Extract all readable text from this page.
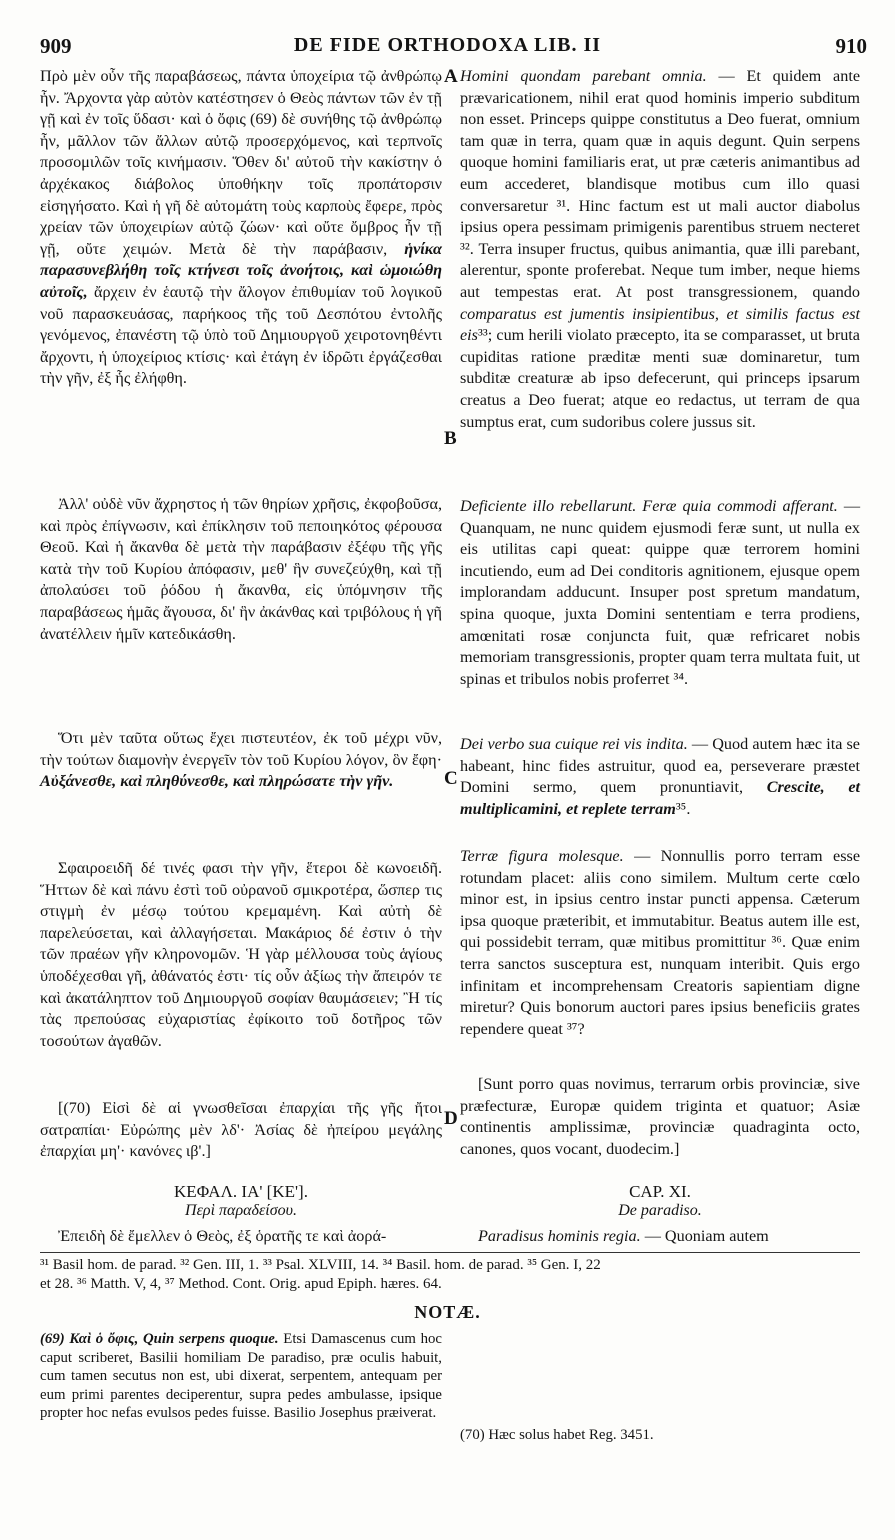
909	DE FIDE ORTHODOXA LIB. II	910

Πρὸ μὲν οὖν τῆς παραβάσεως, πάντα ὑποχείρια τῷ ἀνθρώπῳ ἦν. Ἄρχοντα γὰρ αὐτὸν κατέστησεν ὁ Θεὸς πάντων τῶν ἐν τῇ γῇ καὶ ἐν τοῖς ὕδασι· καὶ ὁ ὄφις (69) δὲ συνήθης τῷ ἀνθρώπῳ ἦν, μᾶλλον τῶν ἄλλων αὐτῷ προσερχόμενος, καὶ τερπνοῖς προσομιλῶν τοῖς κινήμασιν. Ὅθεν δι' αὐτοῦ τὴν κακίστην ὁ ἀρχέκακος διάβολος ὑποθήκην τοῖς προπάτορσιν εἰσηγήσατο. Καὶ ἡ γῆ δὲ αὐτομάτη τοὺς καρποὺς ἔφερε, πρὸς χρείαν τῶν ὑποχειρίων αὐτῷ ζώων· καὶ οὔτε ὄμβρος ἦν τῇ γῇ, οὔτε χειμών. Μετὰ δὲ τὴν παράβασιν, ἡνίκα παρασυνεβλήθη τοῖς κτήνεσι τοῖς ἀνοήτοις, καὶ ὡμοιώθη αὐτοῖς, ἄρχειν ἐν ἑαυτῷ τὴν ἄλογον ἐπιθυμίαν τοῦ λογικοῦ νοῦ παρασκευάσας, παρήκοος τῆς τοῦ Δεσπότου ἐντολῆς γενόμενος, ἐπανέστη τῷ ὑπὸ τοῦ Δημιουργοῦ χειροτονηθέντι ἄρχοντι, ἡ ὑποχείριος κτίσις· καὶ ἐτάγη ἐν ἱδρῶτι ἐργάζεσθαι τὴν γῆν, ἐξ ἧς ἐλήφθη.

Homini quondam parebant omnia. — Et quidem ante prævaricationem, nihil erat quod hominis imperio subditum non esset. Princeps quippe constitutus a Deo fuerat, omnium tam quæ in terra, quam quæ in aquis degunt. Quin serpens quoque homini familiaris erat, ut præ cæteris animantibus ad eum accederet, blandisque motibus cum illo quasi conversaretur ³¹. Hinc factum est ut mali auctor diabolus ipsius opera pessimam primigenis parentibus struem necteret ³². Terra insuper fructus, quibus animantia, quæ illi parebant, alerentur, sponte proferebat. Neque tum imber, neque hiems aut tempestas erat. At post transgressionem, quando comparatus est jumentis insipientibus, et similis factus est eis³³; cum herili violato præcepto, ita se comparasset, ut bruta cupiditas ratione præditæ menti suæ dominaretur, tum subditæ creaturæ ab ipso defecerunt, qui princeps ipsarum creatus a Deo fuerat; atque eo redactus, ut terram de qua sumptus erat, cum sudoribus colere jussus sit.

Ἀλλ' οὐδὲ νῦν ἄχρηστος ἡ τῶν θηρίων χρῆσις, ἐκφοβοῦσα, καὶ πρὸς ἐπίγνωσιν, καὶ ἐπίκλησιν τοῦ πεποιηκότος φέρουσα Θεοῦ. Καὶ ἡ ἄκανθα δὲ μετὰ τὴν παράβασιν ἐξέφυ τῆς γῆς κατὰ τὴν τοῦ Κυρίου ἀπόφασιν, μεθ' ἣν συνεζεύχθη, καὶ τῇ ἀπολαύσει τοῦ ῥόδου ἡ ἄκανθα, εἰς ὑπόμνησιν τῆς παραβάσεως ἡμᾶς ἄγουσα, δι' ἣν ἀκάνθας καὶ τριβόλους ἡ γῆ ἀνατέλλειν ἡμῖν κατεδικάσθη.

Deficiente illo rebellarunt. Feræ quia commodi afferant. — Quanquam, ne nunc quidem ejusmodi feræ sunt, ut nulla ex eis utilitas capi queat: quippe quæ terrorem homini incutiendo, eum ad Dei conditoris agnitionem, ejusque opem implorandam adducunt. Insuper post spretum mandatum, spina quoque, juxta Domini sententiam e terra prodiens, amœnitati rosæ conjuncta fuit, quæ refricaret nobis memoriam transgressionis, propter quam terra multata fuit, ut spinas et tribulos nobis proferret ³⁴.

Ὅτι μὲν ταῦτα οὕτως ἔχει πιστευτέον, ἐκ τοῦ μέχρι νῦν, τὴν τούτων διαμονὴν ἐνεργεῖν τὸν τοῦ Κυρίου λόγον, ὃν ἔφη· Αὐξάνεσθε, καὶ πληθύνεσθε, καὶ πληρώσατε τὴν γῆν.

Dei verbo sua cuique rei vis indita. — Quod autem hæc ita se habeant, hinc fides astruitur, quod ea, perseverare præstet Domini sermo, quem pronuntiavit, Crescite, et multiplicamini, et replete terram³⁵.

Σφαιροειδῆ δέ τινές φασι τὴν γῆν, ἕτεροι δὲ κωνοειδῆ. Ἥττων δὲ καὶ πάνυ ἐστὶ τοῦ οὐρανοῦ σμικροτέρα, ὥσπερ τις στιγμὴ ἐν μέσῳ τούτου κρεμαμένη. Καὶ αὐτὴ δὲ παρελεύσεται, καὶ ἀλλαγήσεται. Μακάριος δέ ἐστιν ὁ τὴν τῶν πραέων γῆν κληρονομῶν. Ἡ γὰρ μέλλουσα τοὺς ἁγίους ὑποδέχεσθαι γῆ, ἀθάνατός ἐστι· τίς οὖν ἀξίως τὴν ἄπειρόν τε καὶ ἀκατάληπτον τοῦ Δημιουργοῦ σοφίαν θαυμάσειεν; Ἢ τίς τὰς πρεπούσας εὐχαριστίας ἐφίκοιτο τοῦ δοτῆρος τῶν τοσούτων ἀγαθῶν.

Terræ figura molesque. — Nonnullis porro terram esse rotundam placet: aliis cono similem. Multum certe cœlo minor est, in ipsius centro instar puncti appensa. Cæterum ipsa quoque præteribit, et immutabitur. Beatus autem ille est, qui possidebit terram, quæ mitibus promittitur ³⁶. Quæ enim terra sanctos susceptura est, nunquam interibit. Quis ergo infinitam et incomprehensam Creatoris sapientiam digne miretur? Quis bonorum auctori pares ipsius beneficiis grates rependere queat ³⁷?

[(70) Εἰσὶ δὲ αἱ γνωσθεῖσαι ἐπαρχίαι τῆς γῆς ἤτοι σατραπίαι· Εὐρώπης μὲν λδ'· Ἀσίας δὲ ἠπείρου μεγάλης ἐπαρχίαι μη'· κανόνες ιβ'.]

[Sunt porro quas novimus, terrarum orbis provinciæ, sive præfecturæ, Europæ quidem triginta et quatuor; Asiæ continentis amplissimæ, provinciæ quadraginta octo, canones, quos vocant, duodecim.]

A
B
C
D
ΚΕΦΑΛ. ΙΑ' [ΚΕ'].
Περὶ παραδείσου.
CAP. XI.
De paradiso.

Ἐπειδὴ δὲ ἔμελλεν ὁ Θεὸς, ἐξ ὁρατῆς τε καὶ ἀορά-	Paradisus hominis regia. — Quoniam autem

³¹ Basil hom. de parad. ³² Gen. III, 1. ³³ Psal. XLVIII, 14. ³⁴ Basil. hom. de parad. ³⁵ Gen. I, 22
et 28. ³⁶ Matth. V, 4, ³⁷ Method. Cont. Orig. apud Epiph. hæres. 64.
NOTÆ.
(69) Καὶ ὁ ὄφις, Quin serpens quoque. Etsi Damascenus cum hoc caput scriberet, Basilii homiliam De paradiso, præ oculis habuit, cum tamen secutus non est, ubi dixerat, serpentem, antequam per eum primi parentes deciperentur, supra pedes ambulasse, ipsique propter hoc nefas evulsos pedes fuisse. Basilio Josephus præiverat.
(70) Hæc solus habet Reg. 3451.
